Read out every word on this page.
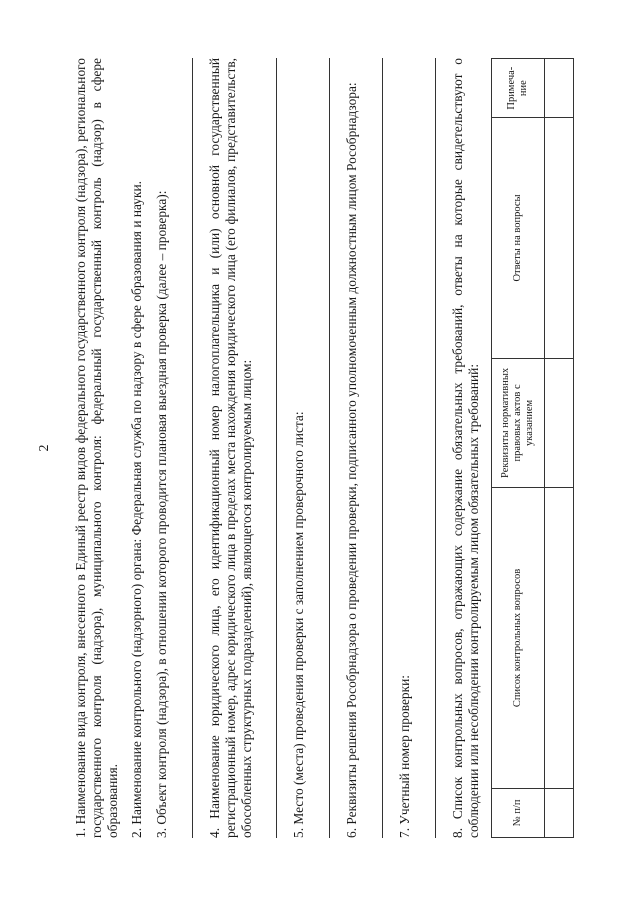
2 1. Наименование вида контроля, внесенного в Единый реестр видов федерального государственного контроля (надзора), регионального государственного контроля (надзора), муниципального контроля: федеральный государственный контроль (надзор) в сфере образования. 2. Наименование контрольного (надзорного) органа: Федеральная служба по надзору в сфере образования и науки. 3. Объект контроля (надзора), в отношении которого проводится плановая выездная проверка (далее – проверка):	4. Наименование юридического лица, его идентификационный номер налогоплательщика и (или) основной государственный регистрационный номер, адрес юридического лица в пределах места нахождения юридического лица (его филиалов, представительств, обособленных структурных подразделений), являющегося контролируемым лицом:	5. Место (места) проведения проверки с заполнением проверочного листа:	6. Реквизиты решения Рособрнадзора о проведении проверки, подписанного уполномоченным должностным лицом Рособрнадзора:	7. Учетный номер проверки:	8. Список контрольных вопросов, отражающих содержание обязательных требований, ответы на которые свидетельствуют о соблюдении или несоблюдении контролируемым лицом обязательных требований:	№ п/п	Список контрольных вопросов	Реквизиты нормативных правовых актов с указанием	Ответы на вопросы	Примеча-ние
